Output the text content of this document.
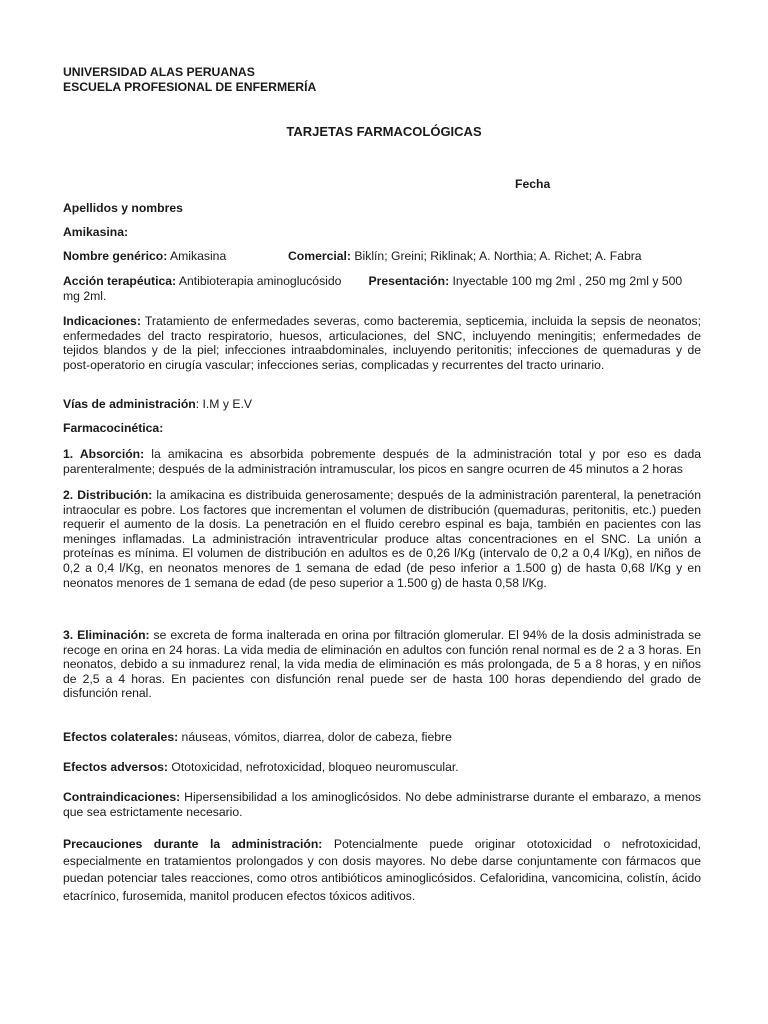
UNIVERSIDAD ALAS PERUANAS
ESCUELA PROFESIONAL DE ENFERMERÍA
TARJETAS FARMACOLÓGICAS
Fecha
Apellidos y nombres
Amikasina:
Nombre genérico: Amikasina	Comercial: Biklín; Greini; Riklinak; A. Northia; A. Richet; A. Fabra

Acción terapéutica: Antibioterapia aminoglucósido Presentación: Inyectable 100 mg 2ml , 250 mg 2ml y 500 mg 2ml.

Indicaciones: Tratamiento de enfermedades severas, como bacteremia, septicemia, incluida la sepsis de neonatos; enfermedades del tracto respiratorio, huesos, articulaciones, del SNC, incluyendo meningitis; enfermedades de tejidos blandos y de la piel; infecciones intraabdominales, incluyendo peritonitis; infecciones de quemaduras y de post-operatorio en cirugía vascular; infecciones serias, complicadas y recurrentes del tracto urinario.

Vías de administración: I.M y E.V

Farmacocinética:

1. Absorción: la amikacina es absorbida pobremente después de la administración total y por eso es dada parenteralmente; después de la administración intramuscular, los picos en sangre ocurren de 45 minutos a 2 horas

2. Distribución: la amikacina es distribuida generosamente; después de la administración parenteral, la penetración intraocular es pobre. Los factores que incrementan el volumen de distribución (quemaduras, peritonitis, etc.) pueden requerir el aumento de la dosis. La penetración en el fluido cerebro espinal es baja, también en pacientes con las meninges inflamadas. La administración intraventricular produce altas concentraciones en el SNC. La unión a proteínas es mínima. El volumen de distribución en adultos es de 0,26 l/Kg (intervalo de 0,2 a 0,4 l/Kg), en niños de 0,2 a 0,4 l/Kg, en neonatos menores de 1 semana de edad (de peso inferior a 1.500 g) de hasta 0,68 l/Kg y en neonatos menores de 1 semana de edad (de peso superior a 1.500 g) de hasta 0,58 l/Kg.

3. Eliminación: se excreta de forma inalterada en orina por filtración glomerular. El 94% de la dosis administrada se recoge en orina en 24 horas. La vida media de eliminación en adultos con función renal normal es de 2 a 3 horas. En neonatos, debido a su inmadurez renal, la vida media de eliminación es más prolongada, de 5 a 8 horas, y en niños de 2,5 a 4 horas. En pacientes con disfunción renal puede ser de hasta 100 horas dependiendo del grado de disfunción renal.

Efectos colaterales: náuseas, vómitos, diarrea, dolor de cabeza, fiebre

Efectos adversos: Ototoxicidad, nefrotoxicidad, bloqueo neuromuscular.

Contraindicaciones: Hipersensibilidad a los aminoglicósidos. No debe administrarse durante el embarazo, a menos que sea estrictamente necesario.

Precauciones durante la administración: Potencialmente puede originar ototoxicidad o nefrotoxicidad, especialmente en tratamientos prolongados y con dosis mayores. No debe darse conjuntamente con fármacos que puedan potenciar tales reacciones, como otros antibióticos aminoglicósidos. Cefaloridina, vancomicina, colistín, ácido etacrínico, furosemida, manitol producen efectos tóxicos aditivos.
